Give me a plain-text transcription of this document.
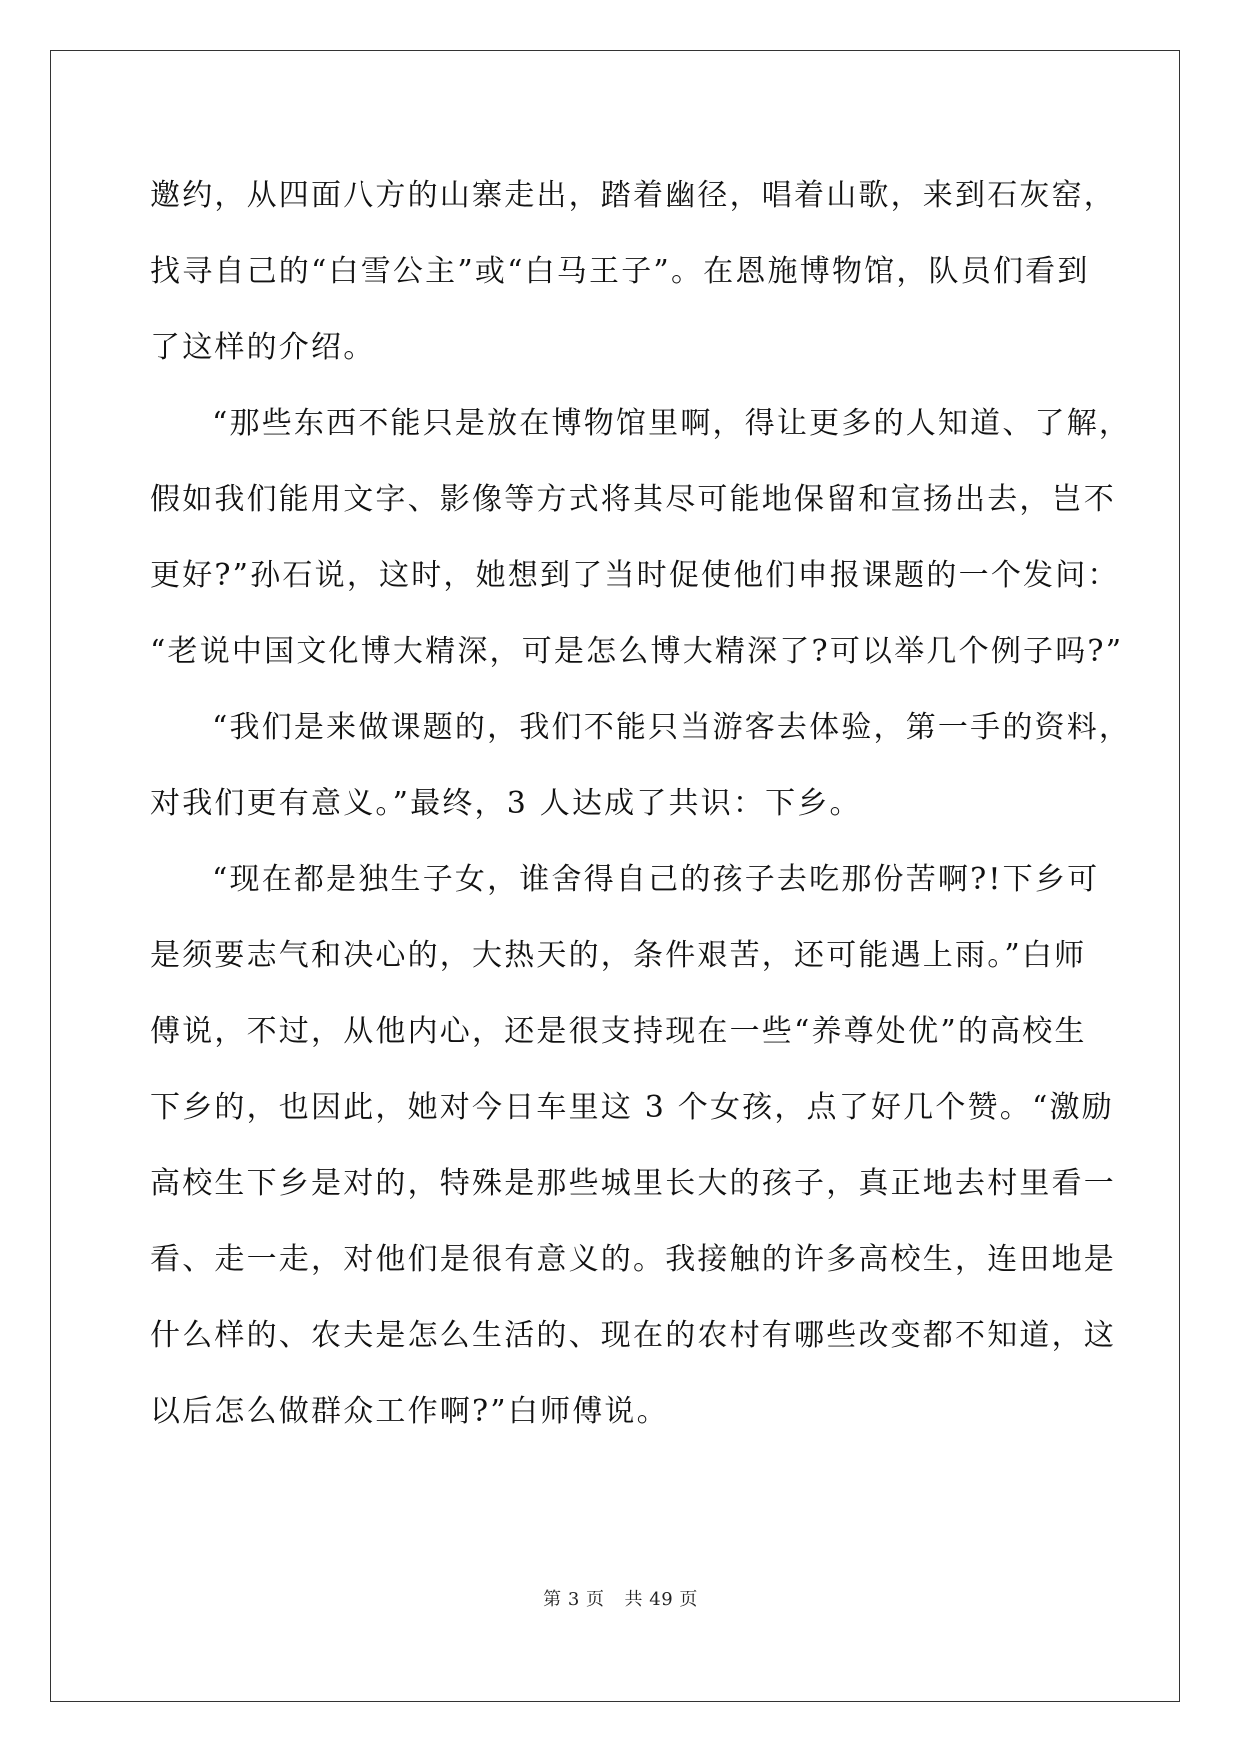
邀约，从四面八方的山寨走出，踏着幽径，唱着山歌，来到石灰窑，
找寻自己的“白雪公主”或“白马王子”。在恩施博物馆，队员们看到
了这样的介绍。
“那些东西不能只是放在博物馆里啊，得让更多的人知道、了解，
假如我们能用文字、影像等方式将其尽可能地保留和宣扬出去，岂不
更好?”孙石说，这时，她想到了当时促使他们申报课题的一个发问：
“老说中国文化博大精深，可是怎么博大精深了?可以举几个例子吗?”
“我们是来做课题的，我们不能只当游客去体验，第一手的资料，
对我们更有意义。”最终，3 人达成了共识：下乡。
“现在都是独生子女，谁舍得自己的孩子去吃那份苦啊?!下乡可
是须要志气和决心的，大热天的，条件艰苦，还可能遇上雨。”白师
傅说，不过，从他内心，还是很支持现在一些“养尊处优”的高校生
下乡的，也因此，她对今日车里这 3 个女孩，点了好几个赞。“激励
高校生下乡是对的，特殊是那些城里长大的孩子，真正地去村里看一
看、走一走，对他们是很有意义的。我接触的许多高校生，连田地是
什么样的、农夫是怎么生活的、现在的农村有哪些改变都不知道，这
以后怎么做群众工作啊?”白师傅说。
第 3 页 共 49 页
